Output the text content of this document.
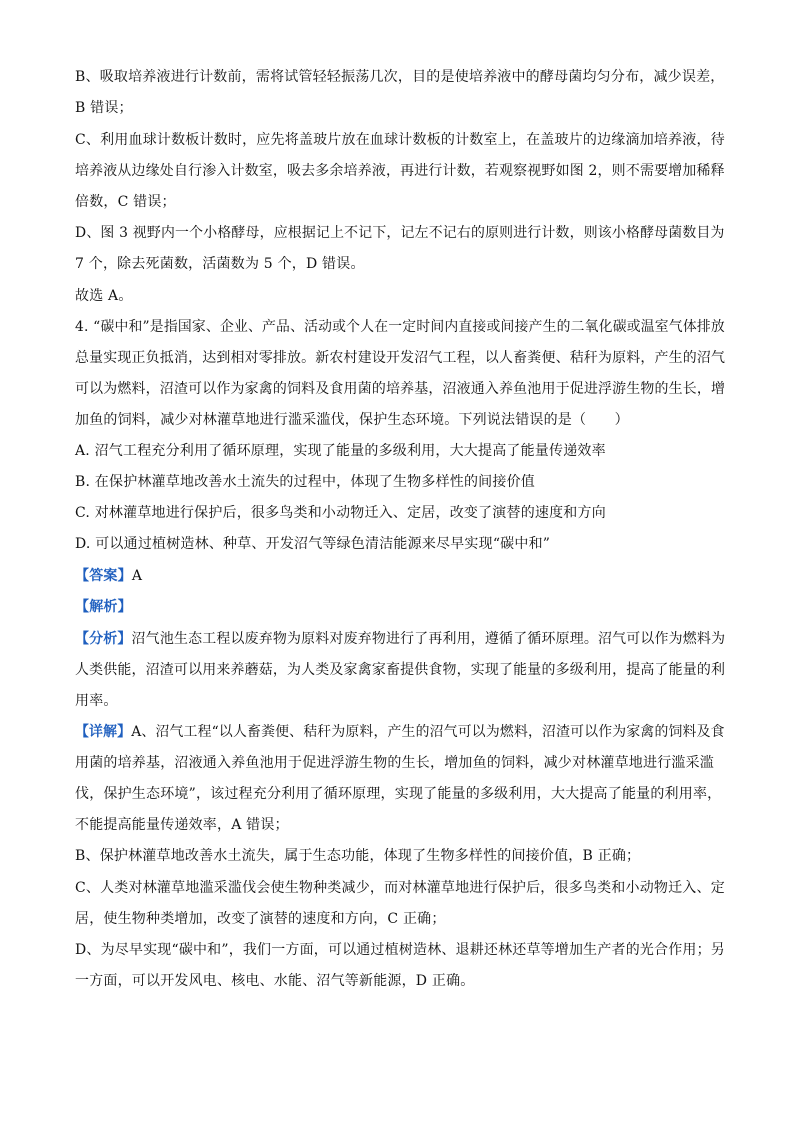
B、吸取培养液进行计数前，需将试管轻轻振荡几次，目的是使培养液中的酵母菌均匀分布，减少误差，
B 错误；
C、利用血球计数板计数时，应先将盖玻片放在血球计数板的计数室上，在盖玻片的边缘滴加培养液，待
培养液从边缘处自行渗入计数室，吸去多余培养液，再进行计数，若观察视野如图 2，则不需要增加稀释
倍数，C 错误；
D、图 3 视野内一个小格酵母，应根据记上不记下，记左不记右的原则进行计数，则该小格酵母菌数目为
7 个，除去死菌数，活菌数为 5 个，D 错误。
故选 A。
4. “碳中和”是指国家、企业、产品、活动或个人在一定时间内直接或间接产生的二氧化碳或温室气体排放
总量实现正负抵消，达到相对零排放。新农村建设开发沼气工程，以人畜粪便、秸秆为原料，产生的沼气
可以为燃料，沼渣可以作为家禽的饲料及食用菌的培养基，沼液通入养鱼池用于促进浮游生物的生长，增
加鱼的饲料，减少对林灌草地进行滥采滥伐，保护生态环境。下列说法错误的是（　　）
A. 沼气工程充分利用了循环原理，实现了能量的多级利用，大大提高了能量传递效率
B. 在保护林灌草地改善水土流失的过程中，体现了生物多样性的间接价值
C. 对林灌草地进行保护后，很多鸟类和小动物迁入、定居，改变了演替的速度和方向
D. 可以通过植树造林、种草、开发沼气等绿色清洁能源来尽早实现“碳中和”
【答案】A
【解析】
【分析】沼气池生态工程以废弃物为原料对废弃物进行了再利用，遵循了循环原理。沼气可以作为燃料为
人类供能，沼渣可以用来养蘑菇，为人类及家禽家畜提供食物，实现了能量的多级利用，提高了能量的利
用率。
【详解】A、沼气工程“以人畜粪便、秸秆为原料，产生的沼气可以为燃料，沼渣可以作为家禽的饲料及食
用菌的培养基，沼液通入养鱼池用于促进浮游生物的生长，增加鱼的饲料，减少对林灌草地进行滥采滥
伐，保护生态环境”，该过程充分利用了循环原理，实现了能量的多级利用，大大提高了能量的利用率，
不能提高能量传递效率，A 错误；
B、保护林灌草地改善水土流失，属于生态功能，体现了生物多样性的间接价值，B 正确；
C、人类对林灌草地滥采滥伐会使生物种类减少，而对林灌草地进行保护后，很多鸟类和小动物迁入、定
居，使生物种类增加，改变了演替的速度和方向，C 正确；
D、为尽早实现“碳中和”，我们一方面，可以通过植树造林、退耕还林还草等增加生产者的光合作用；另
一方面，可以开发风电、核电、水能、沼气等新能源，D 正确。
